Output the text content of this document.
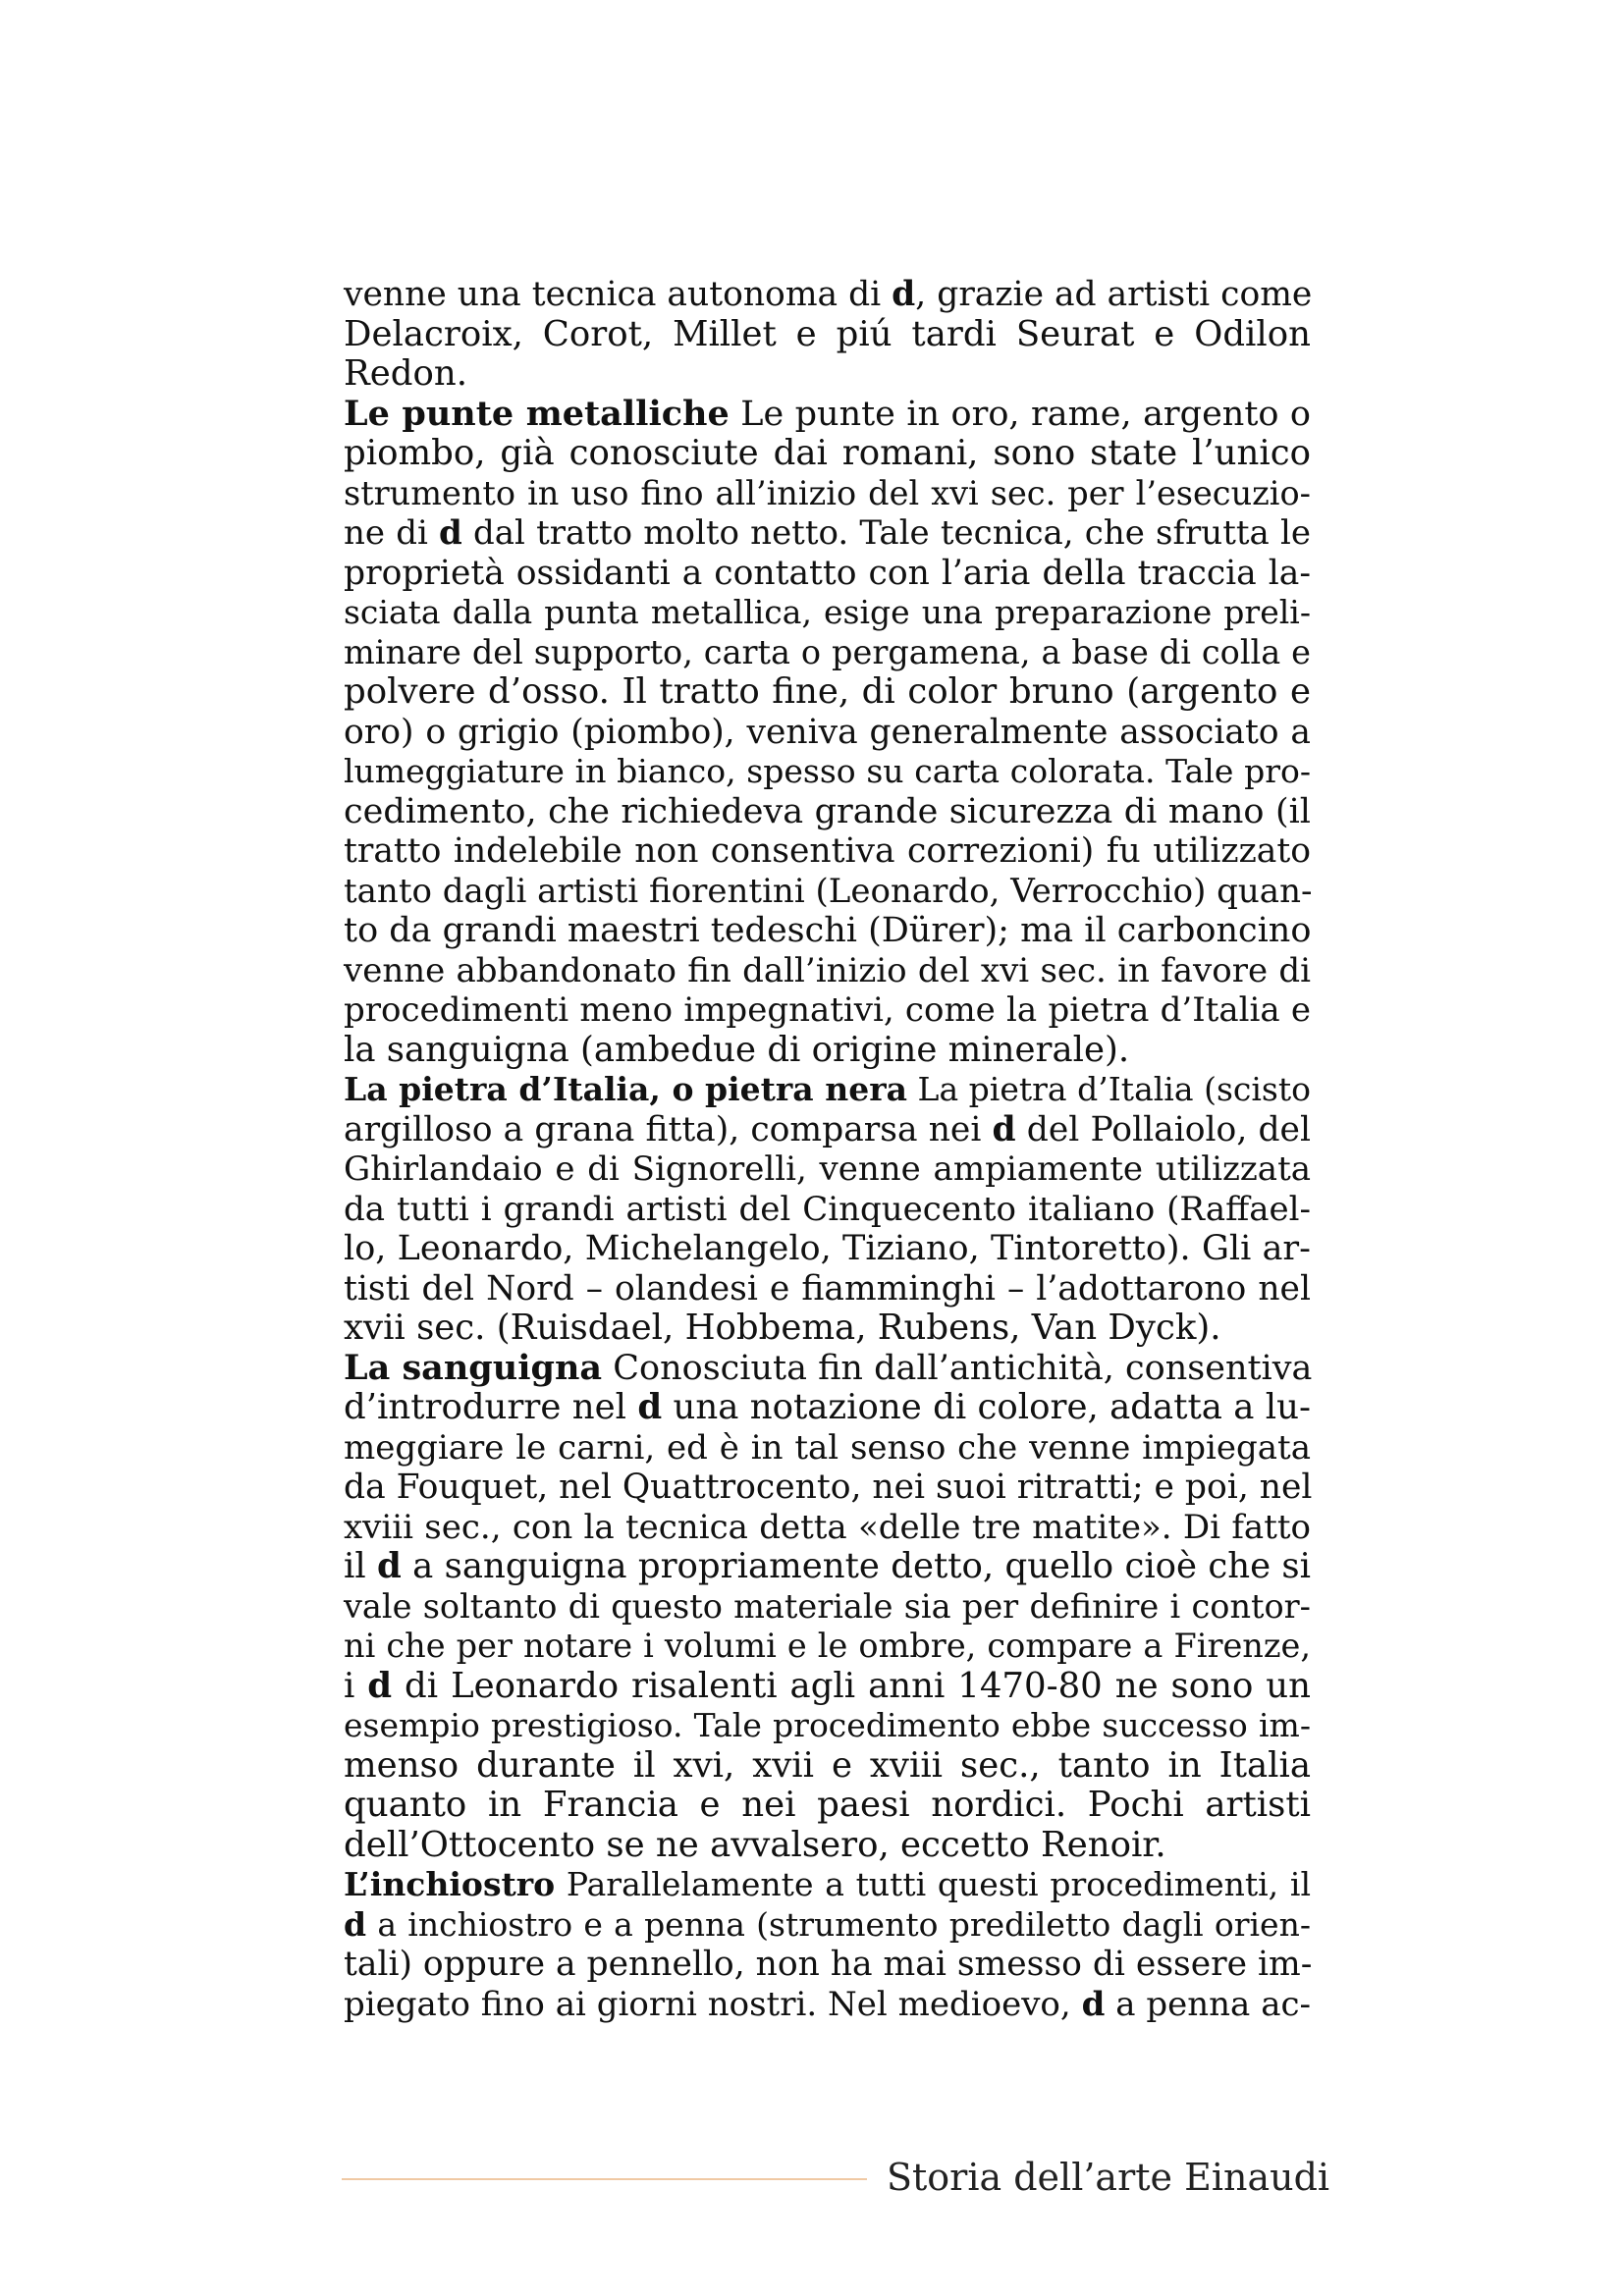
venne una tecnica autonoma di d, grazie ad artisti come
Delacroix, Corot, Millet e piú tardi Seurat e Odilon
Redon.
Le punte metalliche Le punte in oro, rame, argento o
piombo, già conosciute dai romani, sono state l’unico
strumento in uso fino all’inizio del xvi sec. per l’esecuzio-
ne di d dal tratto molto netto. Tale tecnica, che sfrutta le
proprietà ossidanti a contatto con l’aria della traccia la-
sciata dalla punta metallica, esige una preparazione preli-
minare del supporto, carta o pergamena, a base di colla e
polvere d’osso. Il tratto fine, di color bruno (argento e
oro) o grigio (piombo), veniva generalmente associato a
lumeggiature in bianco, spesso su carta colorata. Tale pro-
cedimento, che richiedeva grande sicurezza di mano (il
tratto indelebile non consentiva correzioni) fu utilizzato
tanto dagli artisti fiorentini (Leonardo, Verrocchio) quan-
to da grandi maestri tedeschi (Dürer); ma il carboncino
venne abbandonato fin dall’inizio del xvi sec. in favore di
procedimenti meno impegnativi, come la pietra d’Italia e
la sanguigna (ambedue di origine minerale).
La pietra d’Italia, o pietra nera La pietra d’Italia (scisto
argilloso a grana fitta), comparsa nei d del Pollaiolo, del
Ghirlandaio e di Signorelli, venne ampiamente utilizzata
da tutti i grandi artisti del Cinquecento italiano (Raffael-
lo, Leonardo, Michelangelo, Tiziano, Tintoretto). Gli ar-
tisti del Nord – olandesi e fiamminghi – l’adottarono nel
xvii sec. (Ruisdael, Hobbema, Rubens, Van Dyck).
La sanguigna Conosciuta fin dall’antichità, consentiva
d’introdurre nel d una notazione di colore, adatta a lu-
meggiare le carni, ed è in tal senso che venne impiegata
da Fouquet, nel Quattrocento, nei suoi ritratti; e poi, nel
xviii sec., con la tecnica detta «delle tre matite». Di fatto
il d a sanguigna propriamente detto, quello cioè che si
vale soltanto di questo materiale sia per definire i contor-
ni che per notare i volumi e le ombre, compare a Firenze,
i d di Leonardo risalenti agli anni 1470-80 ne sono un
esempio prestigioso. Tale procedimento ebbe successo im-
menso durante il xvi, xvii e xviii sec., tanto in Italia
quanto in Francia e nei paesi nordici. Pochi artisti
dell’Ottocento se ne avvalsero, eccetto Renoir.
L’inchiostro Parallelamente a tutti questi procedimenti, il
d a inchiostro e a penna (strumento prediletto dagli orien-
tali) oppure a pennello, non ha mai smesso di essere im-
piegato fino ai giorni nostri. Nel medioevo, d a penna ac-
Storia dell’arte Einaudi
